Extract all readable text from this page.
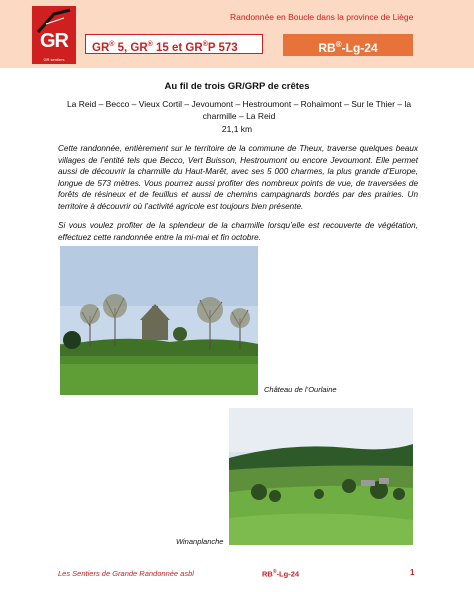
GR
GR sentiers
Randonnée en Boucle dans la province de Liège
GR® 5, GR® 15 et GR®P 573	RB®-Lg-24
Au fil de trois GR/GRP de crêtes
La Reid – Becco – Vieux Cortil – Jevoumont – Hestroumont – Rohaimont – Sur le Thier – la charmille – La Reid
21,1 km
Cette randonnée, entièrement sur le territoire de la commune de Theux, traverse quelques beaux villages de l’entité tels que Becco, Vert Buisson, Hestroumont ou encore Jevoumont. Elle permet aussi de découvrir la charmille du Haut-Marêt, avec ses 5 000 charmes, la plus grande d’Europe, longue de 573 mètres. Vous pourrez aussi profiter des nombreux points de vue, de traversées de forêts de résineux et de feuillus et aussi de chemins campagnards bordés par des prairies. Un territoire à découvrir où l’activité agricole est toujours bien présente.
Si vous voulez profiter de la splendeur de la charmille lorsqu’elle est recouverte de végétation, effectuez cette randonnée entre la mi-mai et fin octobre.
Château de l’Ourlaine
Winanplanche
Les Sentiers de Grande Randonnée asbl	RB®-Lg-24	1
